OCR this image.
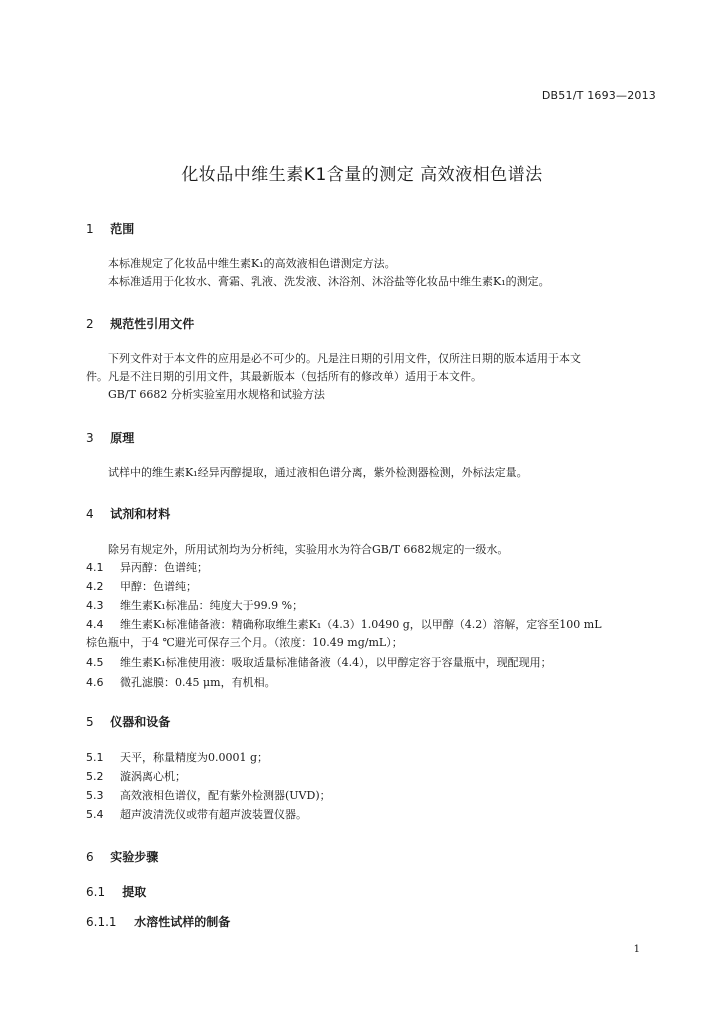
DB51/T 1693—2013
化妆品中维生素K1含量的测定 高效液相色谱法
1 范围
本标准规定了化妆品中维生素K₁的高效液相色谱测定方法。
本标准适用于化妆水、膏霜、乳液、洗发液、沐浴剂、沐浴盐等化妆品中维生素K₁的测定。
2 规范性引用文件
下列文件对于本文件的应用是必不可少的。凡是注日期的引用文件，仅所注日期的版本适用于本文
件。凡是不注日期的引用文件，其最新版本（包括所有的修改单）适用于本文件。
GB/T 6682 分析实验室用水规格和试验方法
3 原理
试样中的维生素K₁经异丙醇提取，通过液相色谱分离，紫外检测器检测，外标法定量。
4 试剂和材料
除另有规定外，所用试剂均为分析纯，实验用水为符合GB/T 6682规定的一级水。
4.1 异丙醇：色谱纯；
4.2 甲醇：色谱纯；
4.3 维生素K₁标准品：纯度大于99.9 %；
4.4 维生素K₁标准储备液：精确称取维生素K₁（4.3）1.0490 g，以甲醇（4.2）溶解，定容至100 mL
棕色瓶中，于4 ℃避光可保存三个月。（浓度：10.49 mg/mL）；
4.5 维生素K₁标准使用液：吸取适量标准储备液（4.4），以甲醇定容于容量瓶中，现配现用；
4.6 微孔滤膜：0.45 μm，有机相。
5 仪器和设备
5.1 天平，称量精度为0.0001 g；
5.2 漩涡离心机；
5.3 高效液相色谱仪，配有紫外检测器(UVD)；
5.4 超声波清洗仪或带有超声波装置仪器。
6 实验步骤
6.1 提取
6.1.1 水溶性试样的制备
1
